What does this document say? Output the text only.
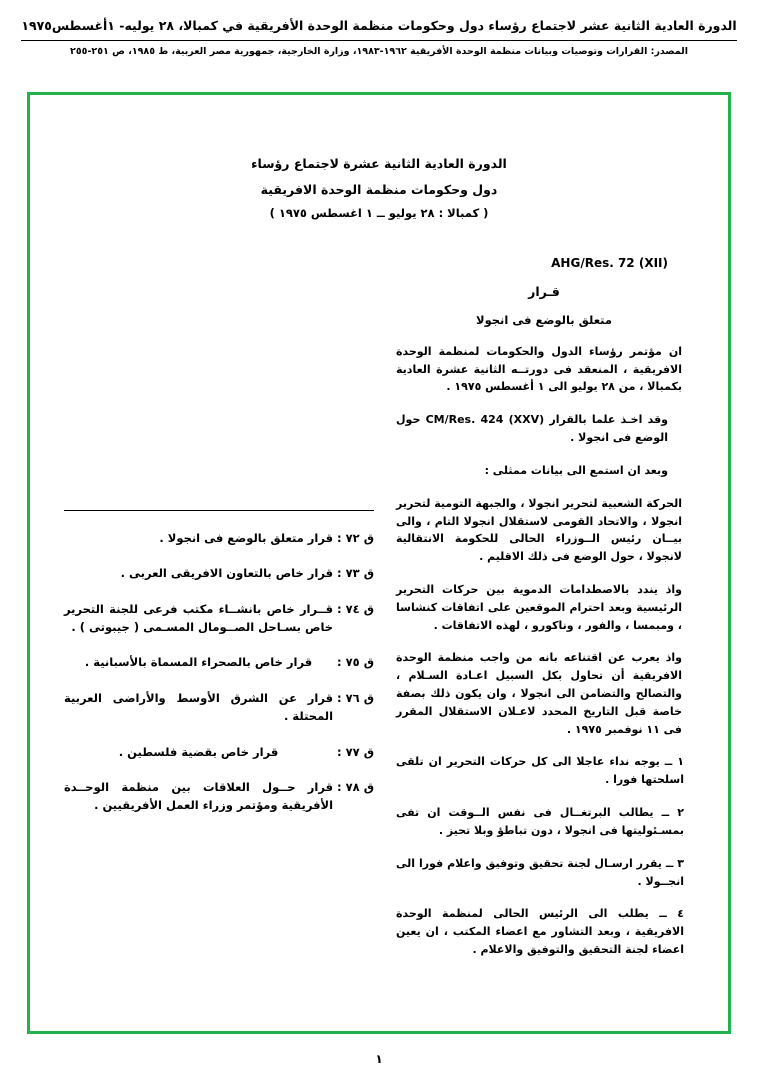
الدورة العادية الثانية عشر لاجتماع رؤساء دول وحكومات منظمة الوحدة الأفريقية في كمبالا، ٢٨ يوليه- ١أغسطس١٩٧٥
المصدر: القرارات وتوصيات وبيانات منظمة الوحدة الأفريقية ١٩٦٢-١٩٨٣، وزارة الخارجية، جمهورية مصر العربية، ط ١٩٨٥، ص ٢٥١-٢٥٥
الدورة العادية الثانية عشرة لاجتماع رؤساء
دول وحكومات منظمة الوحدة الافريقية
( كمبالا : ٢٨ يوليو ــ ١ اغسطس ١٩٧٥ )
AHG/Res. 72 (XII)
قـرار
متعلق بالوضع فى انجولا

ان مؤتمر رؤساء الدول والحكومات لمنظمة الوحدة الافريقية ، المنعقد فى دورتــه الثانية عشرة العادية بكمبالا ، من ٢٨ يوليو الى ١ أغسطس ١٩٧٥ .

وقد اخـذ علما بالقرار (CM/Res. 424 (XXV حول الوضع فى انجولا .

وبعد ان استمع الى بيانات ممثلى :

الحركة الشعبية لتحرير انجولا ، والجبهة التومية لتحرير انجولا ، والاتحاد القومى لاستقلال انجولا التام ، والى بيــان رئيس الــوزراء الحالى للحكومة الانتقالية لانجولا ، حول الوضع فى ذلك الاقليم .

واذ يندد بالاصطدامات الدموية بين حركات التحرير الرئيسية وبعد احترام الموقعين على اتفاقات كنشاسا ، ومبمسا ، والفور ، وناكورو ، لهذه الاتفاقات .

واذ يعرب عن اقتناعه بانه من واجب منظمة الوحدة الافريقية أن تحاول بكل السبيل اعـادة السـلام ، والتصالح والتضامن الى انجولا ، وان يكون ذلك بصفة خاصة قبل التاريخ المحدد لاعـلان الاستقلال المقرر فى ١١ نوفمبر ١٩٧٥ .

١ ــ يوجه نداء عاجلا الى كل حركات التحرير ان تلقى اسلحتها فورا .

٢ ــ يطالب البرتغــال فى نفس الــوقت ان تفى بمسـئوليتها فى انجولا ، دون تباطؤ وبلا تحيز .

٣ ــ يقرر ارسـال لجنة تحقيق وتوفيق واعلام فورا الى انجــولا .

٤ ــ يطلب الى الرئيس الحالى لمنظمة الوحدة الافريقية ، وبعد التشاور مع اعضاء المكتب ، ان يعين اعضاء لجنة التحقيق والتوفيق والاعلام .

ق ٧٢ :
قرار متعلق بالوضع فى انجولا .
ق ٧٣ :
قرار خاص بالتعاون الافريقى العربى .
ق ٧٤ :
قــرار خاص بانشــاء مكتب فرعى للجنة التحرير خاص بسـاحل الصــومال المسـمى ( جيبوتى ) .
ق ٧٥ :
قرار خاص بالصحراء المسماة بالأسبانية .
ق ٧٦ :
قرار عن الشرق الأوسط والأراضى العربية المحتلة .
ق ٧٧ :
قرار خاص بقضية فلسطين .
ق ٧٨ :
قرار حــول العلاقات بين منظمة الوحــدة الأفريقية ومؤتمر وزراء العمل الأفريقيين .
١
